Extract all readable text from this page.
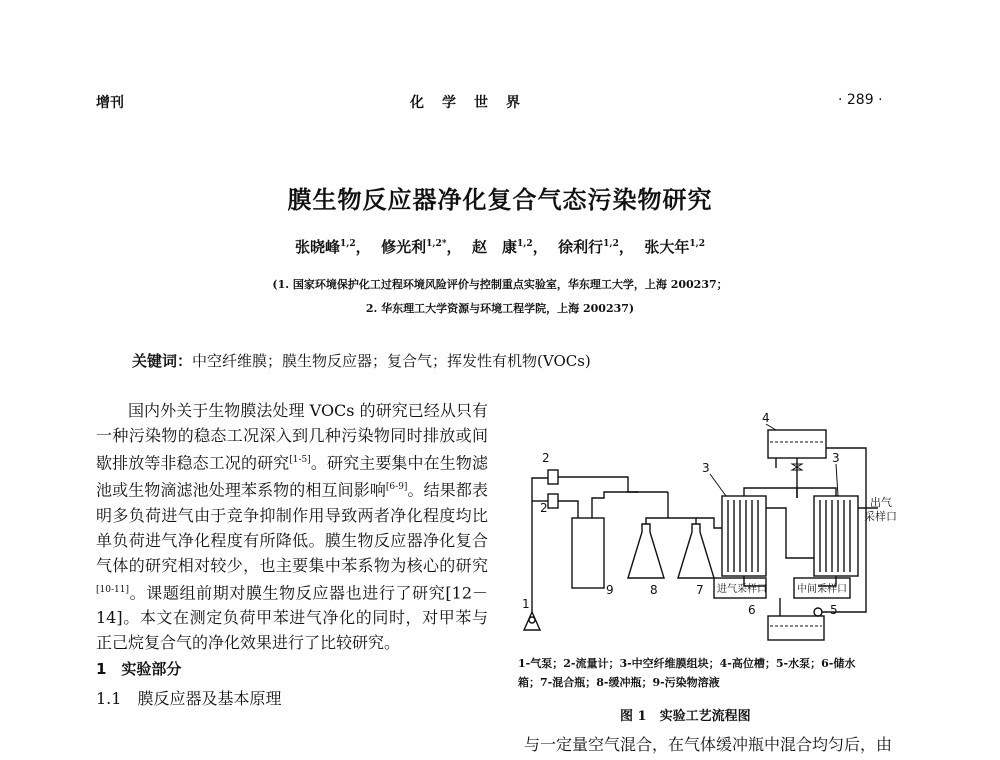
增刊	化　学　世　界	· 289 ·
膜生物反应器净化复合气态污染物研究
张晓峰$^{1,2}$， 修光利$^{1,2*}$， 赵　康$^{1,2}$， 徐利行$^{1,2}$， 张大年$^{1,2}$
(1. 国家环境保护化工过程环境风险评价与控制重点实验室，华东理工大学，上海 200237；
2. 华东理工大学资源与环境工程学院，上海 200237)
关键词：中空纤维膜；膜生物反应器；复合气；挥发性有机物(VOCs)

国内外关于生物膜法处理 VOCs 的研究已经从只有一种污染物的稳态工况深入到几种污染物同时排放或间歇排放等非稳态工况的研究[1-5]。研究主要集中在生物滤池或生物滴滤池处理苯系物的相互间影响[6-9]。结果都表明多负荷进气由于竞争抑制作用导致两者净化程度均比单负荷进气净化程度有所降低。膜生物反应器净化复合气体的研究相对较少，也主要集中苯系物为核心的研究[10-11]。课题组前期对膜生物反应器也进行了研究[12－14]。本文在测定负荷甲苯进气净化的同时，对甲苯与正己烷复合气的净化效果进行了比较研究。

1　实验部分
1.1　膜反应器及基本原理
1
2
2
3
3
4
5
6
7
8
9
出气
采样口
进气采样口	中间采样口
1-气泵；2-流量计；3-中空纤维膜组块；4-高位槽；5-水泵；6-储水
箱；7-混合瓶；8-缓冲瓶；9-污染物溶液
图 1　实验工艺流程图
与一定量空气混合，在气体缓冲瓶中混合均匀后，由
